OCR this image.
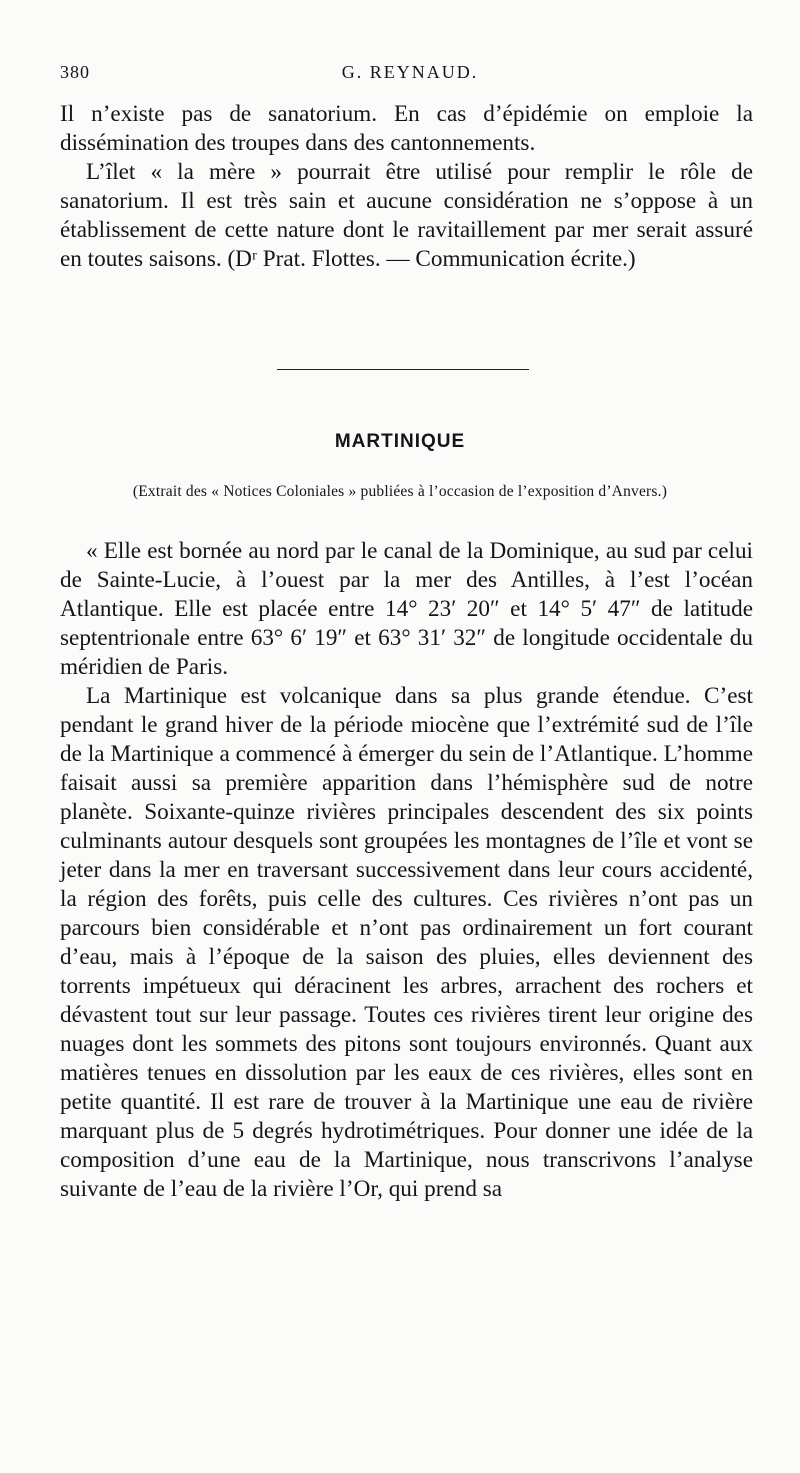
380	G. REYNAUD.

Il n’existe pas de sanatorium. En cas d’épidémie on emploie la dissémination des troupes dans des cantonnements.

L’îlet « la mère » pourrait être utilisé pour remplir le rôle de sanatorium. Il est très sain et aucune considération ne s’oppose à un établissement de cette nature dont le ravitaillement par mer serait assuré en toutes saisons. (Dʳ Prat. Flottes. — Communication écrite.)

MARTINIQUE
(Extrait des « Notices Coloniales » publiées à l’occasion de l’exposition d’Anvers.)

« Elle est bornée au nord par le canal de la Dominique, au sud par celui de Sainte-Lucie, à l’ouest par la mer des Antilles, à l’est l’océan Atlantique. Elle est placée entre 14° 23′ 20″ et 14° 5′ 47″ de latitude septentrionale entre 63° 6′ 19″ et 63° 31′ 32″ de longitude occidentale du méridien de Paris.

La Martinique est volcanique dans sa plus grande étendue. C’est pendant le grand hiver de la période miocène que l’extrémité sud de l’île de la Martinique a commencé à émerger du sein de l’Atlantique. L’homme faisait aussi sa première apparition dans l’hémisphère sud de notre planète. Soixante-quinze rivières principales descendent des six points culminants autour desquels sont groupées les montagnes de l’île et vont se jeter dans la mer en traversant successivement dans leur cours accidenté, la région des forêts, puis celle des cultures. Ces rivières n’ont pas un parcours bien considérable et n’ont pas ordinairement un fort courant d’eau, mais à l’époque de la saison des pluies, elles deviennent des torrents impétueux qui déracinent les arbres, arrachent des rochers et dévastent tout sur leur passage. Toutes ces rivières tirent leur origine des nuages dont les sommets des pitons sont toujours environnés. Quant aux matières tenues en dissolution par les eaux de ces rivières, elles sont en petite quantité. Il est rare de trouver à la Martinique une eau de rivière marquant plus de 5 degrés hydrotimétriques. Pour donner une idée de la composition d’une eau de la Martinique, nous transcrivons l’analyse suivante de l’eau de la rivière l’Or, qui prend sa
